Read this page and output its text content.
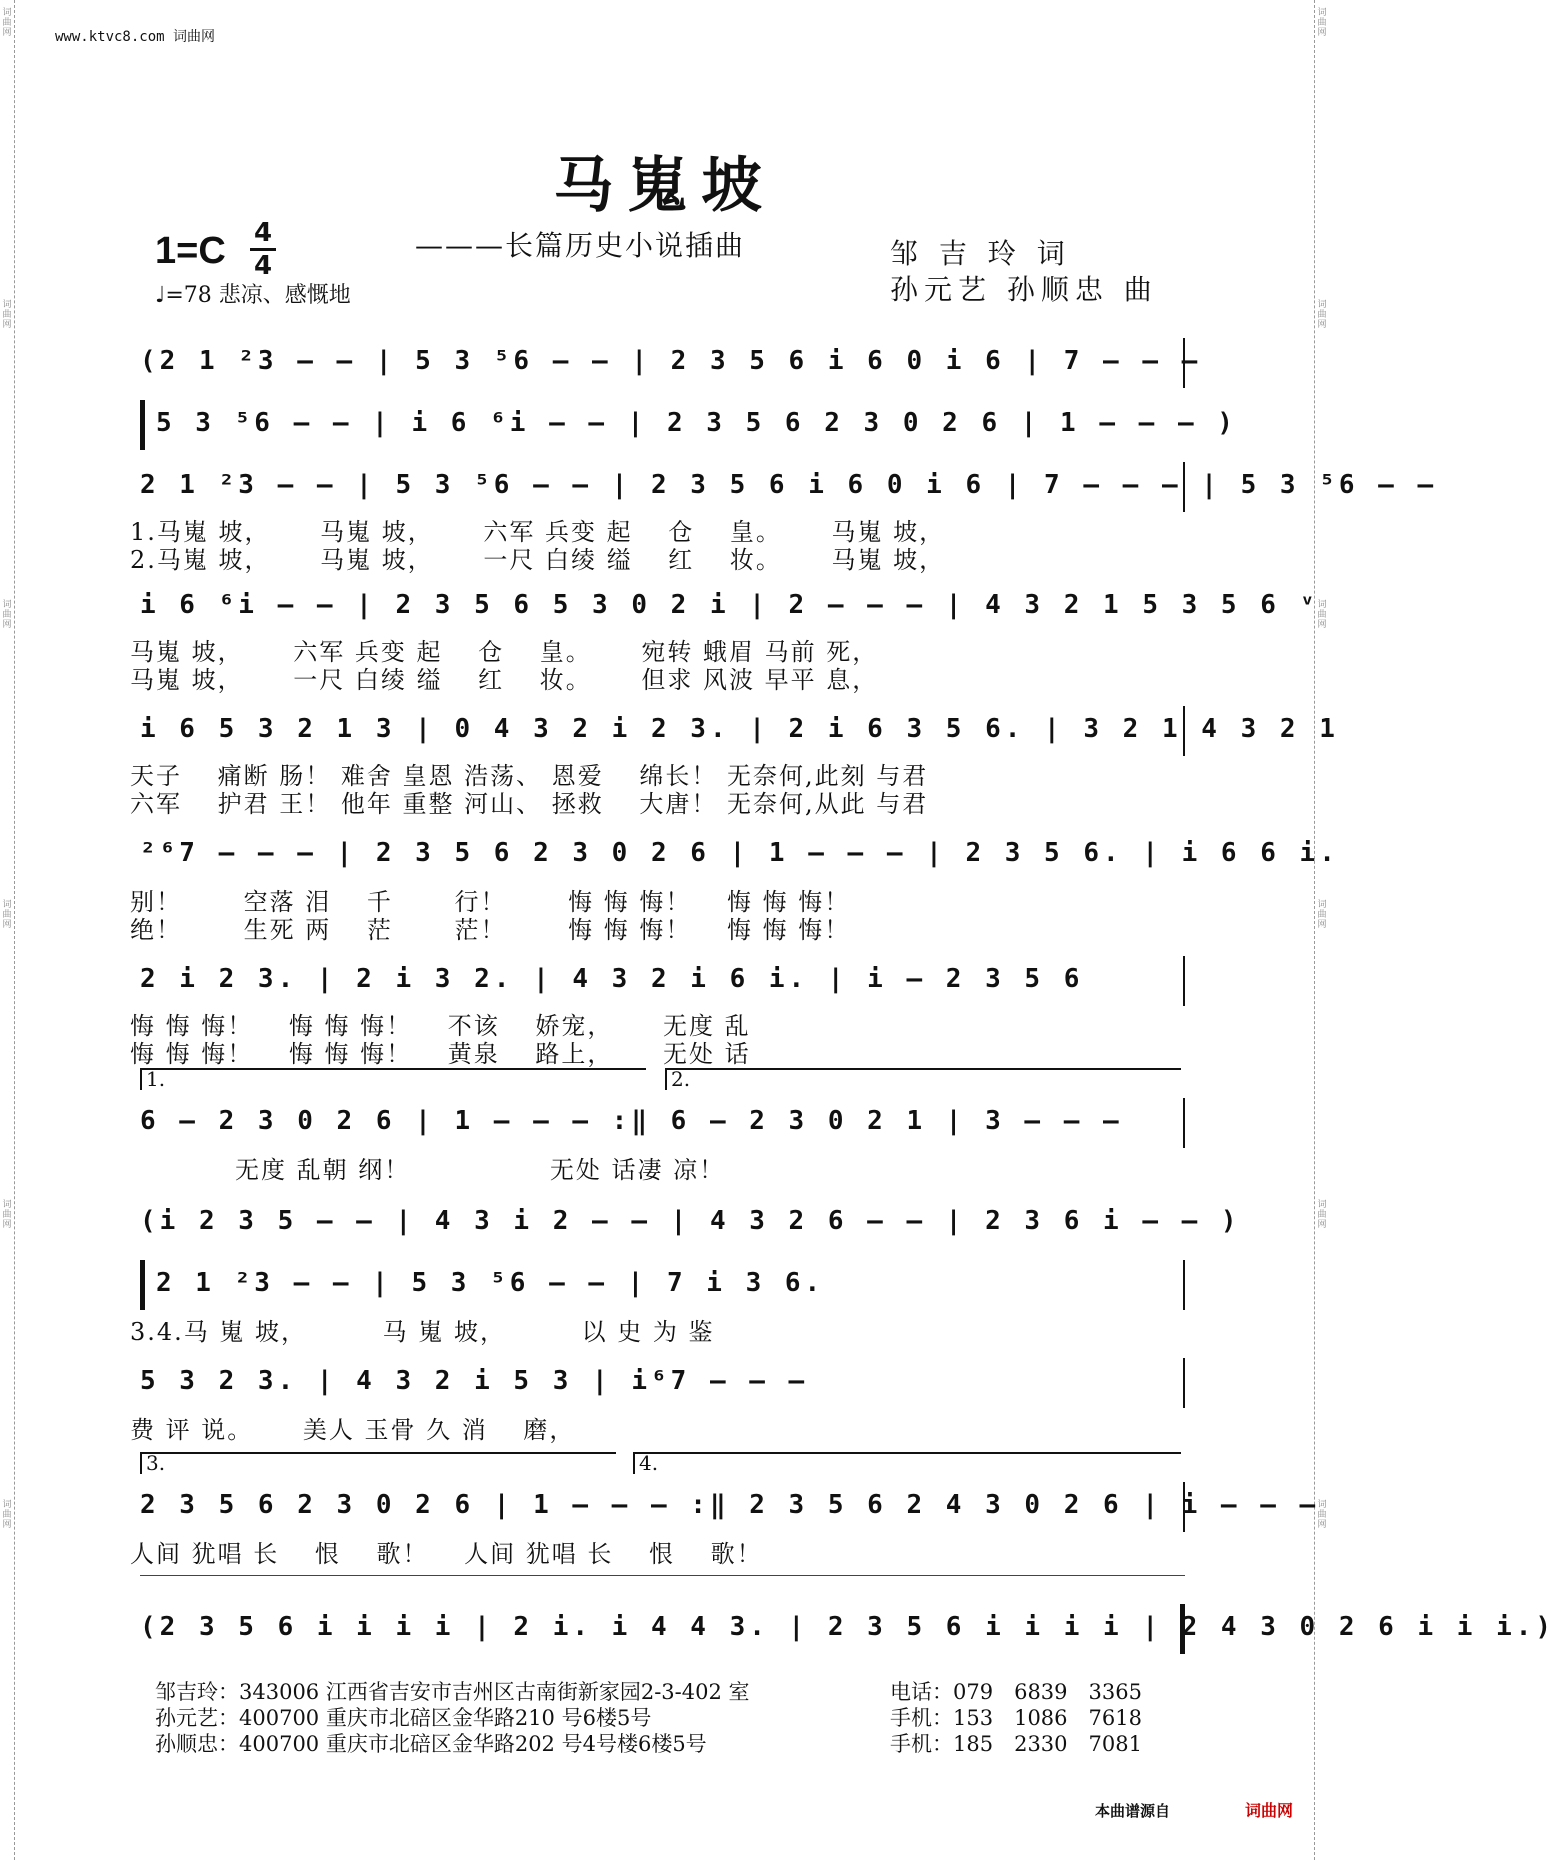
词曲网
词曲网
词曲网
词曲网
词曲网
词曲网
词曲网
词曲网
词曲网
词曲网
词曲网
词曲网
www.ktvc8.com 词曲网
马嵬坡
1=C 4
4
———长篇历史小说插曲
♩=78 悲凉、感慨地
邹 吉 玲 词
孙元艺 孙顺忠 曲
(2 1 ²3 – – | 5 3 ⁵6 – – | 2 3 5 6 i 6 0 i 6 | 7 – – –
5 3 ⁵6 – – | i 6 ⁶i – – | 2 3 5 6 2 3 0 2 6 | 1 – – – )
2 1 ²3 – – | 5 3 ⁵6 – – | 2 3 5 6 i 6 0 i 6 | 7 – – – | 5 3 ⁵6 – –
1.马嵬 坡，　　 马嵬 坡，　　 六军 兵变 起　 仓　 皇。　　 马嵬 坡，
2.马嵬 坡，　　 马嵬 坡，　　 一尺 白绫 缢　 红　 妆。　　 马嵬 坡，
i 6 ⁶i – – | 2 3 5 6 5 3 0 2 i | 2 – – – | 4 3 2 1 5 3 5 6 ᵛ
马嵬 坡，　　 六军 兵变 起　 仓　 皇。　　 宛转 蛾眉 马前 死，
马嵬 坡，　　 一尺 白绫 缢　 红　 妆。　　 但求 风波 早平 息，
i 6 5 3 2 1 3 | 0 4 3 2 i 2 3. | 2 i 6 3 5 6. | 3 2 1 4 3 2 1
天子　 痛断 肠！ 难舍 皇恩 浩荡、 恩爱　 绵长！ 无奈何,此刻 与君
六军　 护君 王！ 他年 重整 河山、 拯救　 大唐！ 无奈何,从此 与君
²⁶7 – – – | 2 3 5 6 2 3 0 2 6 | 1 – – – | 2 3 5 6. | i 6 6 i.
别！　　 空落 泪　 千　　 行！　　 悔 悔 悔！　 悔 悔 悔！
绝！　　 生死 两　 茫　　 茫！　　 悔 悔 悔！　 悔 悔 悔！
2 i 2 3. | 2 i 3 2. | 4 3 2 i 6 i. | i – 2 3 5 6
悔 悔 悔！　 悔 悔 悔！　 不该　 娇宠，　　 无度 乱
悔 悔 悔！　 悔 悔 悔！　 黄泉　 路上，　　 无处 话
1.	2.
6 – 2 3 0 2 6 | 1 – – – :‖ 6 – 2 3 0 2 1 | 3 – – –
无度 乱朝 纲！　　　　　 无处 话凄 凉！
(i 2 3 5 – – | 4 3 i 2 – – | 4 3 2 6 – – | 2 3 6 i – – )
2 1 ²3 – – | 5 3 ⁵6 – – | 7 i 3 6.
3.4.马 嵬 坡，　　　 马 嵬 坡，　　　 以 史 为 鉴
5 3 2 3. | 4 3 2 i 5 3 | i⁶7 – – –
费 评 说。　　 美人 玉骨 久 消　 磨，
3.	4.
2 3 5 6 2 3 0 2 6 | 1 – – – :‖ 2 3 5 6 2 4 3 0 2 6 | i – – –
人间 犹唱 长　 恨　 歌！　 人间 犹唱 长　 恨　 歌！
(2 3 5 6 i i i i | 2 i. i 4 4 3. | 2 3 5 6 i i i i | 2 4 3 0 2 6 i i i.)
邹吉玲：343006 江西省吉安市吉州区古南街新家园2-3-402 室	电话：079　6839　3365
孙元艺：400700 重庆市北碚区金华路210 号6楼5号	手机：153　1086　7618
孙顺忠：400700 重庆市北碚区金华路202 号4号楼6楼5号	手机：185　2330　7081
本曲谱源自	词曲网
